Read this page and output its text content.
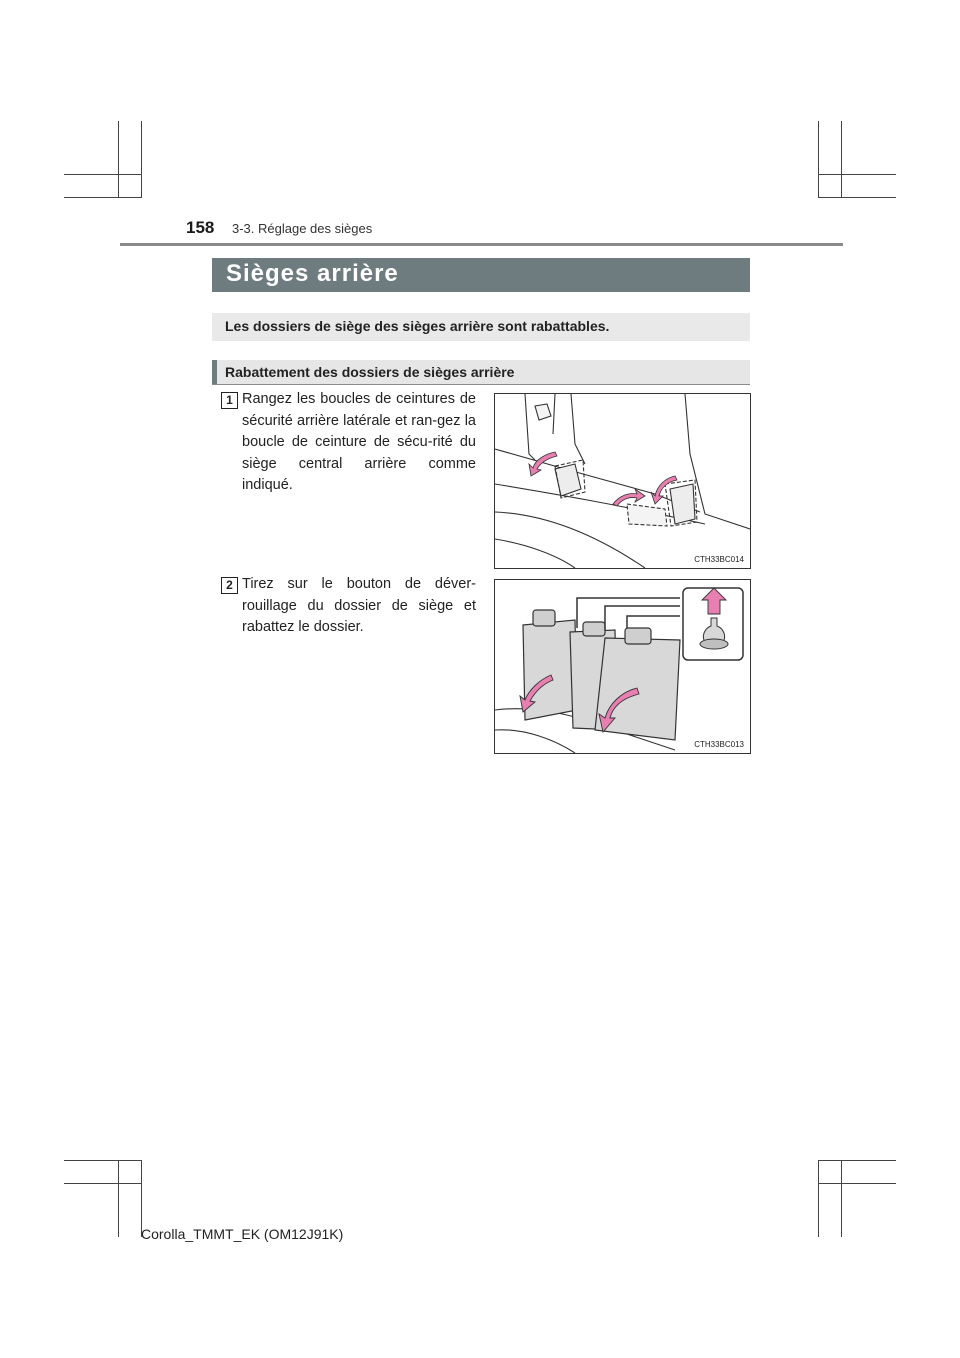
158 3-3. Réglage des sièges
Sièges arrière
Les dossiers de siège des sièges arrière sont rabattables.
Rabattement des dossiers de sièges arrière
1 Rangez les boucles de ceintures de sécurité arrière latérale et ran-gez la boucle de ceinture de sécu-rité du siège central arrière comme indiqué.
CTH33BC014
2 Tirez sur le bouton de déver-rouillage du dossier de siège et rabattez le dossier.
CTH33BC013
Corolla_TMMT_EK (OM12J91K)
